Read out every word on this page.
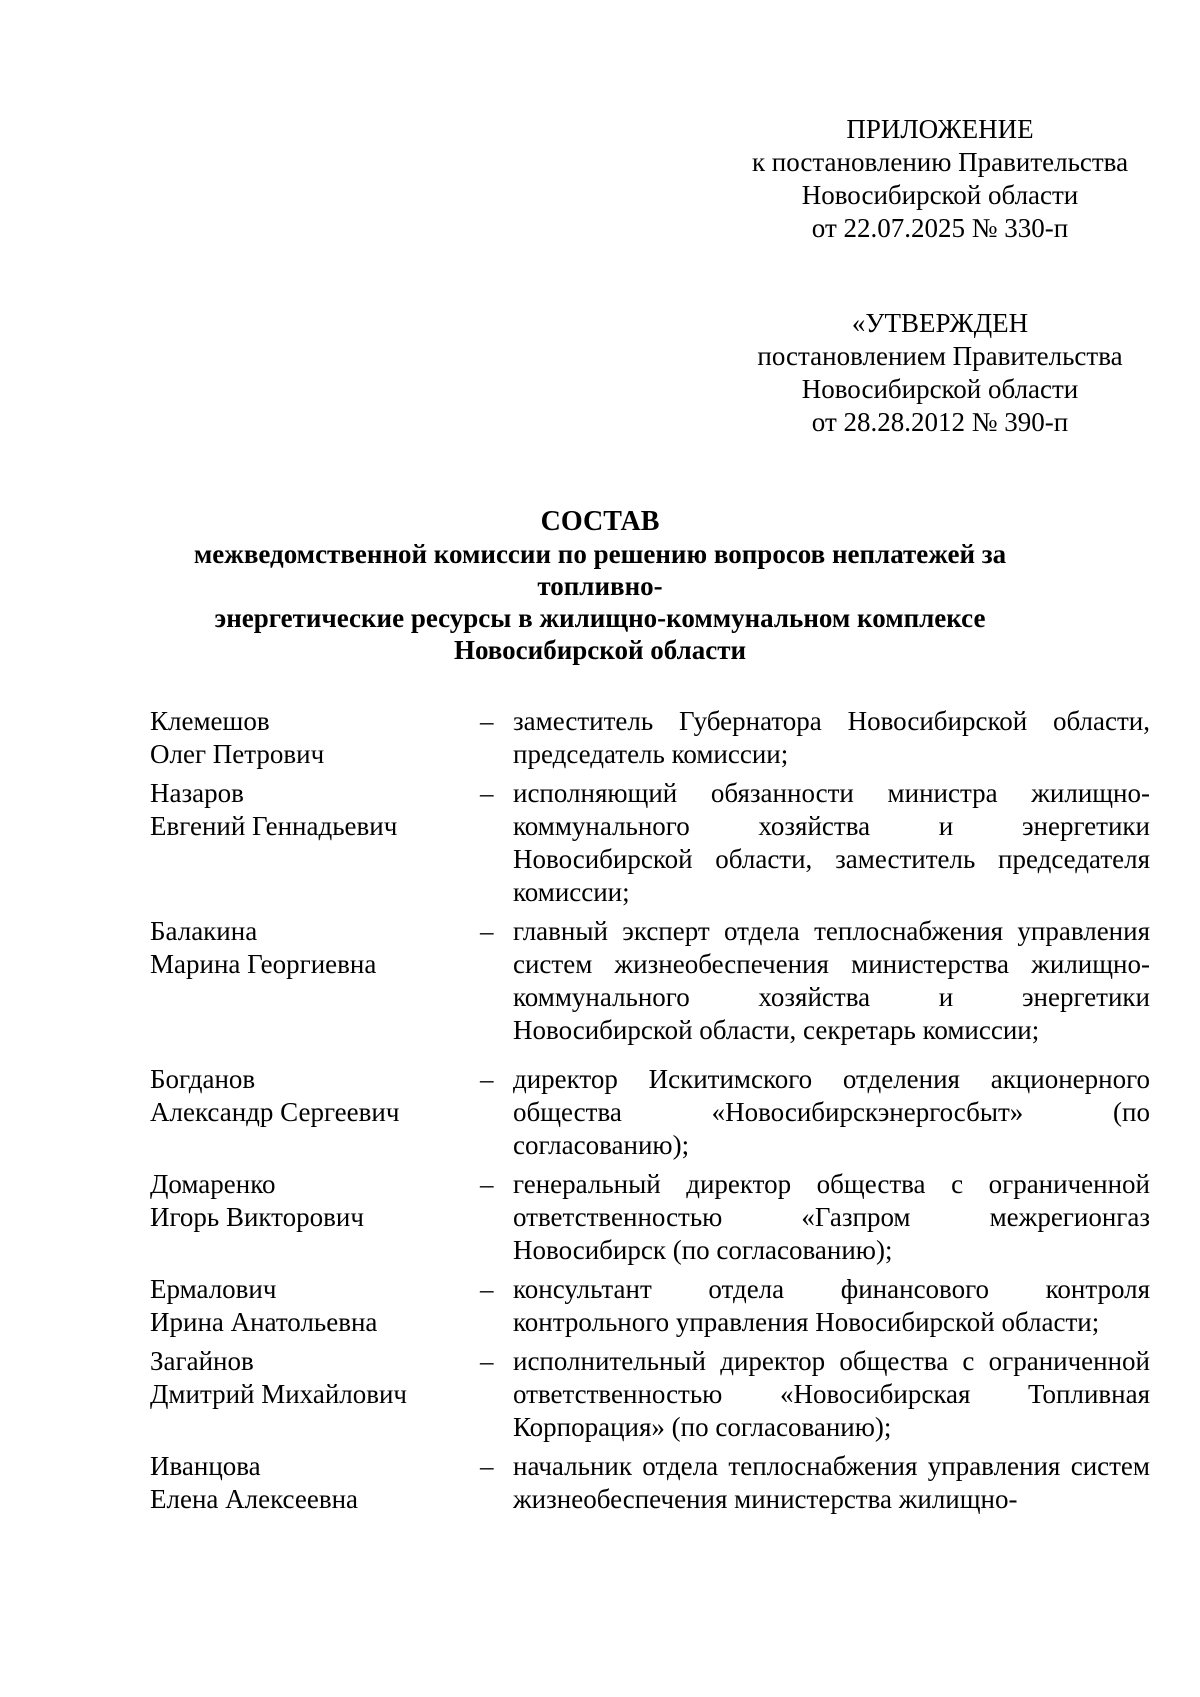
ПРИЛОЖЕНИЕ
к постановлению Правительства
Новосибирской области
от 22.07.2025 № 330-п
«УТВЕРЖДЕН
постановлением Правительства
Новосибирской области
от 28.28.2012 № 390-п
СОСТАВ
межведомственной комиссии по решению вопросов неплатежей за топливно-
энергетические ресурсы в жилищно-коммунальном комплексе
Новосибирской области
Клемешов
Олег Петрович
– заместитель Губернатора Новосибирской области, председатель комиссии;
Назаров
Евгений Геннадьевич
– исполняющий обязанности министра жилищно-коммунального хозяйства и энергетики Новосибирской области, заместитель председателя комиссии;
Балакина
Марина Георгиевна
– главный эксперт отдела теплоснабжения управления систем жизнеобеспечения министерства жилищно-коммунального хозяйства и энергетики Новосибирской области, секретарь комиссии;
Богданов
Александр Сергеевич
– директор Искитимского отделения акционерного общества «Новосибирскэнергосбыт» (по согласованию);
Домаренко
Игорь Викторович
– генеральный директор общества с ограниченной ответственностью «Газпром межрегионгаз Новосибирск (по согласованию);
Ермалович
Ирина Анатольевна
– консультант отдела финансового контроля контрольного управления Новосибирской области;
Загайнов
Дмитрий Михайлович
– исполнительный директор общества с ограниченной ответственностью «Новосибирская Топливная Корпорация» (по согласованию);
Иванцова
Елена Алексеевна
– начальник отдела теплоснабжения управления систем жизнеобеспечения министерства жилищно-
